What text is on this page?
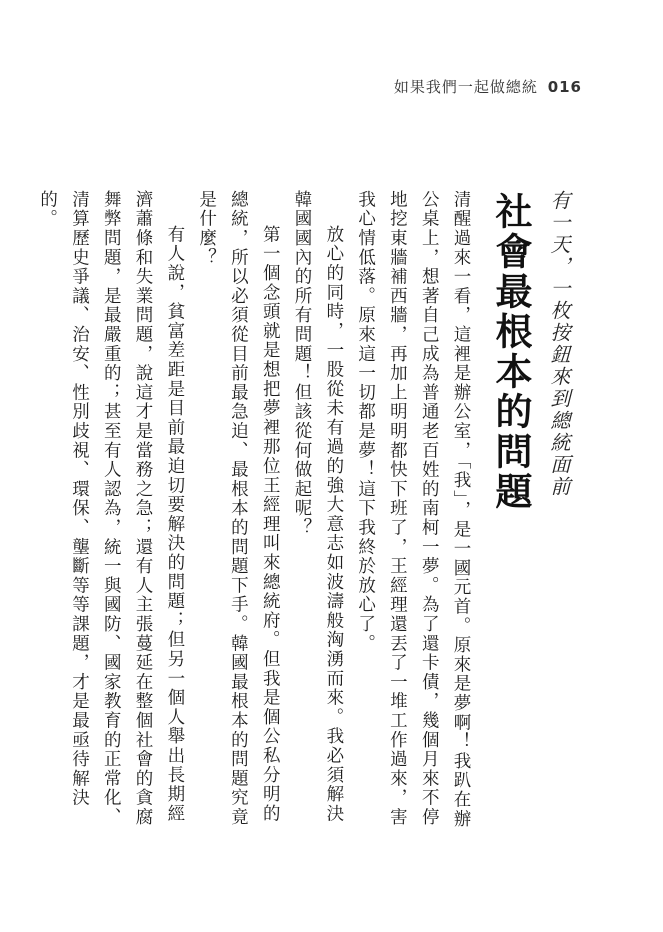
如果我們一起做總統 016
有一天，一枚按鈕來到總統面前
社會最根本的問題

清醒過來一看，這裡是辦公室，「我」，是一國元首。原來是夢啊！我趴在辦公桌上，想著自己成為普通老百姓的南柯一夢。為了還卡債，幾個月來不停地挖東牆補西牆，再加上明明都快下班了，王經理還丟了一堆工作過來，害我心情低落。原來這一切都是夢！這下我終於放心了。

放心的同時，一股從未有過的強大意志如波濤般洶湧而來。我必須解決韓國國內的所有問題！但該從何做起呢？

第一個念頭就是想把夢裡那位王經理叫來總統府。但我是個公私分明的總統，所以必須從目前最急迫、最根本的問題下手。韓國最根本的問題究竟是什麼？

有人說，貧富差距是目前最迫切要解決的問題；但另一個人舉出長期經濟蕭條和失業問題，說這才是當務之急；還有人主張蔓延在整個社會的貪腐舞弊問題，是最嚴重的；甚至有人認為，統一與國防、國家教育的正常化、清算歷史爭議、治安、性別歧視、環保、壟斷等等課題，才是最亟待解決的。
